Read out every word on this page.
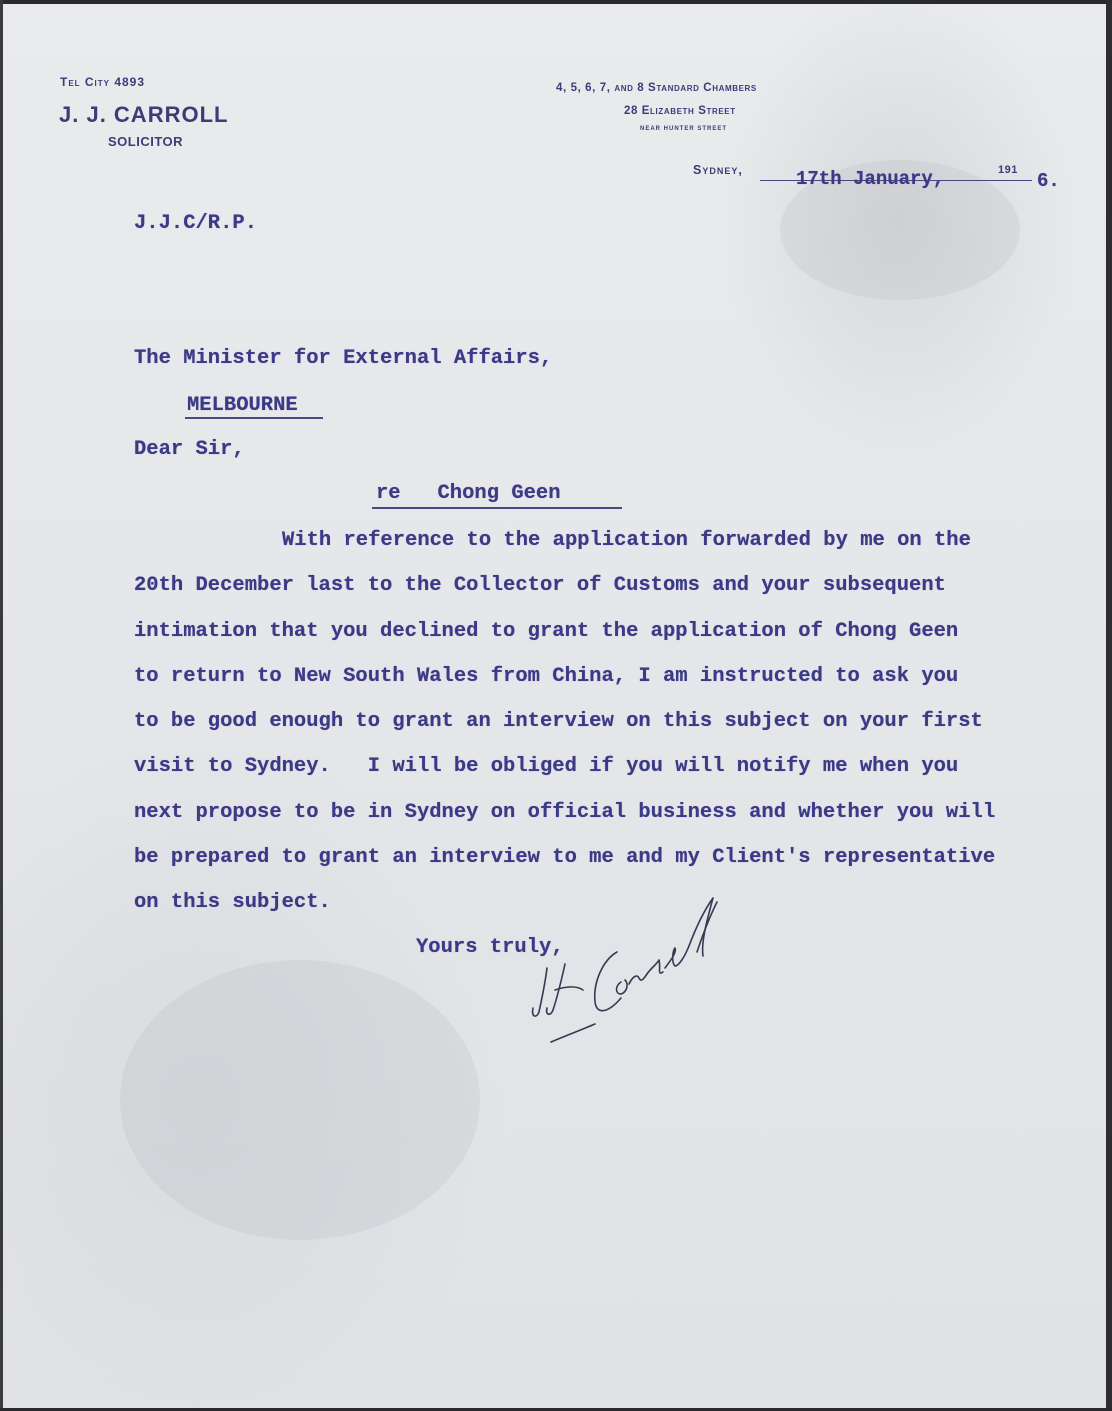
Tel City 4893
J. J. CARROLL
SOLICITOR
4, 5, 6, 7, and 8 Standard Chambers
28 Elizabeth Street
NEAR HUNTER STREET
Sydney,	191
17th January,	6.
J.J.C/R.P.
The Minister for External Affairs,
MELBOURNE
Dear Sir,
re   Chong Geen
With reference to the application forwarded by me on the
20th December last to the Collector of Customs and your subsequent
intimation that you declined to grant the application of Chong Geen
to return to New South Wales from China, I am instructed to ask you
to be good enough to grant an interview on this subject on your first
visit to Sydney.   I will be obliged if you will notify me when you
next propose to be in Sydney on official business and whether you will
be prepared to grant an interview to me and my Client's representative
on this subject.
Yours truly,
